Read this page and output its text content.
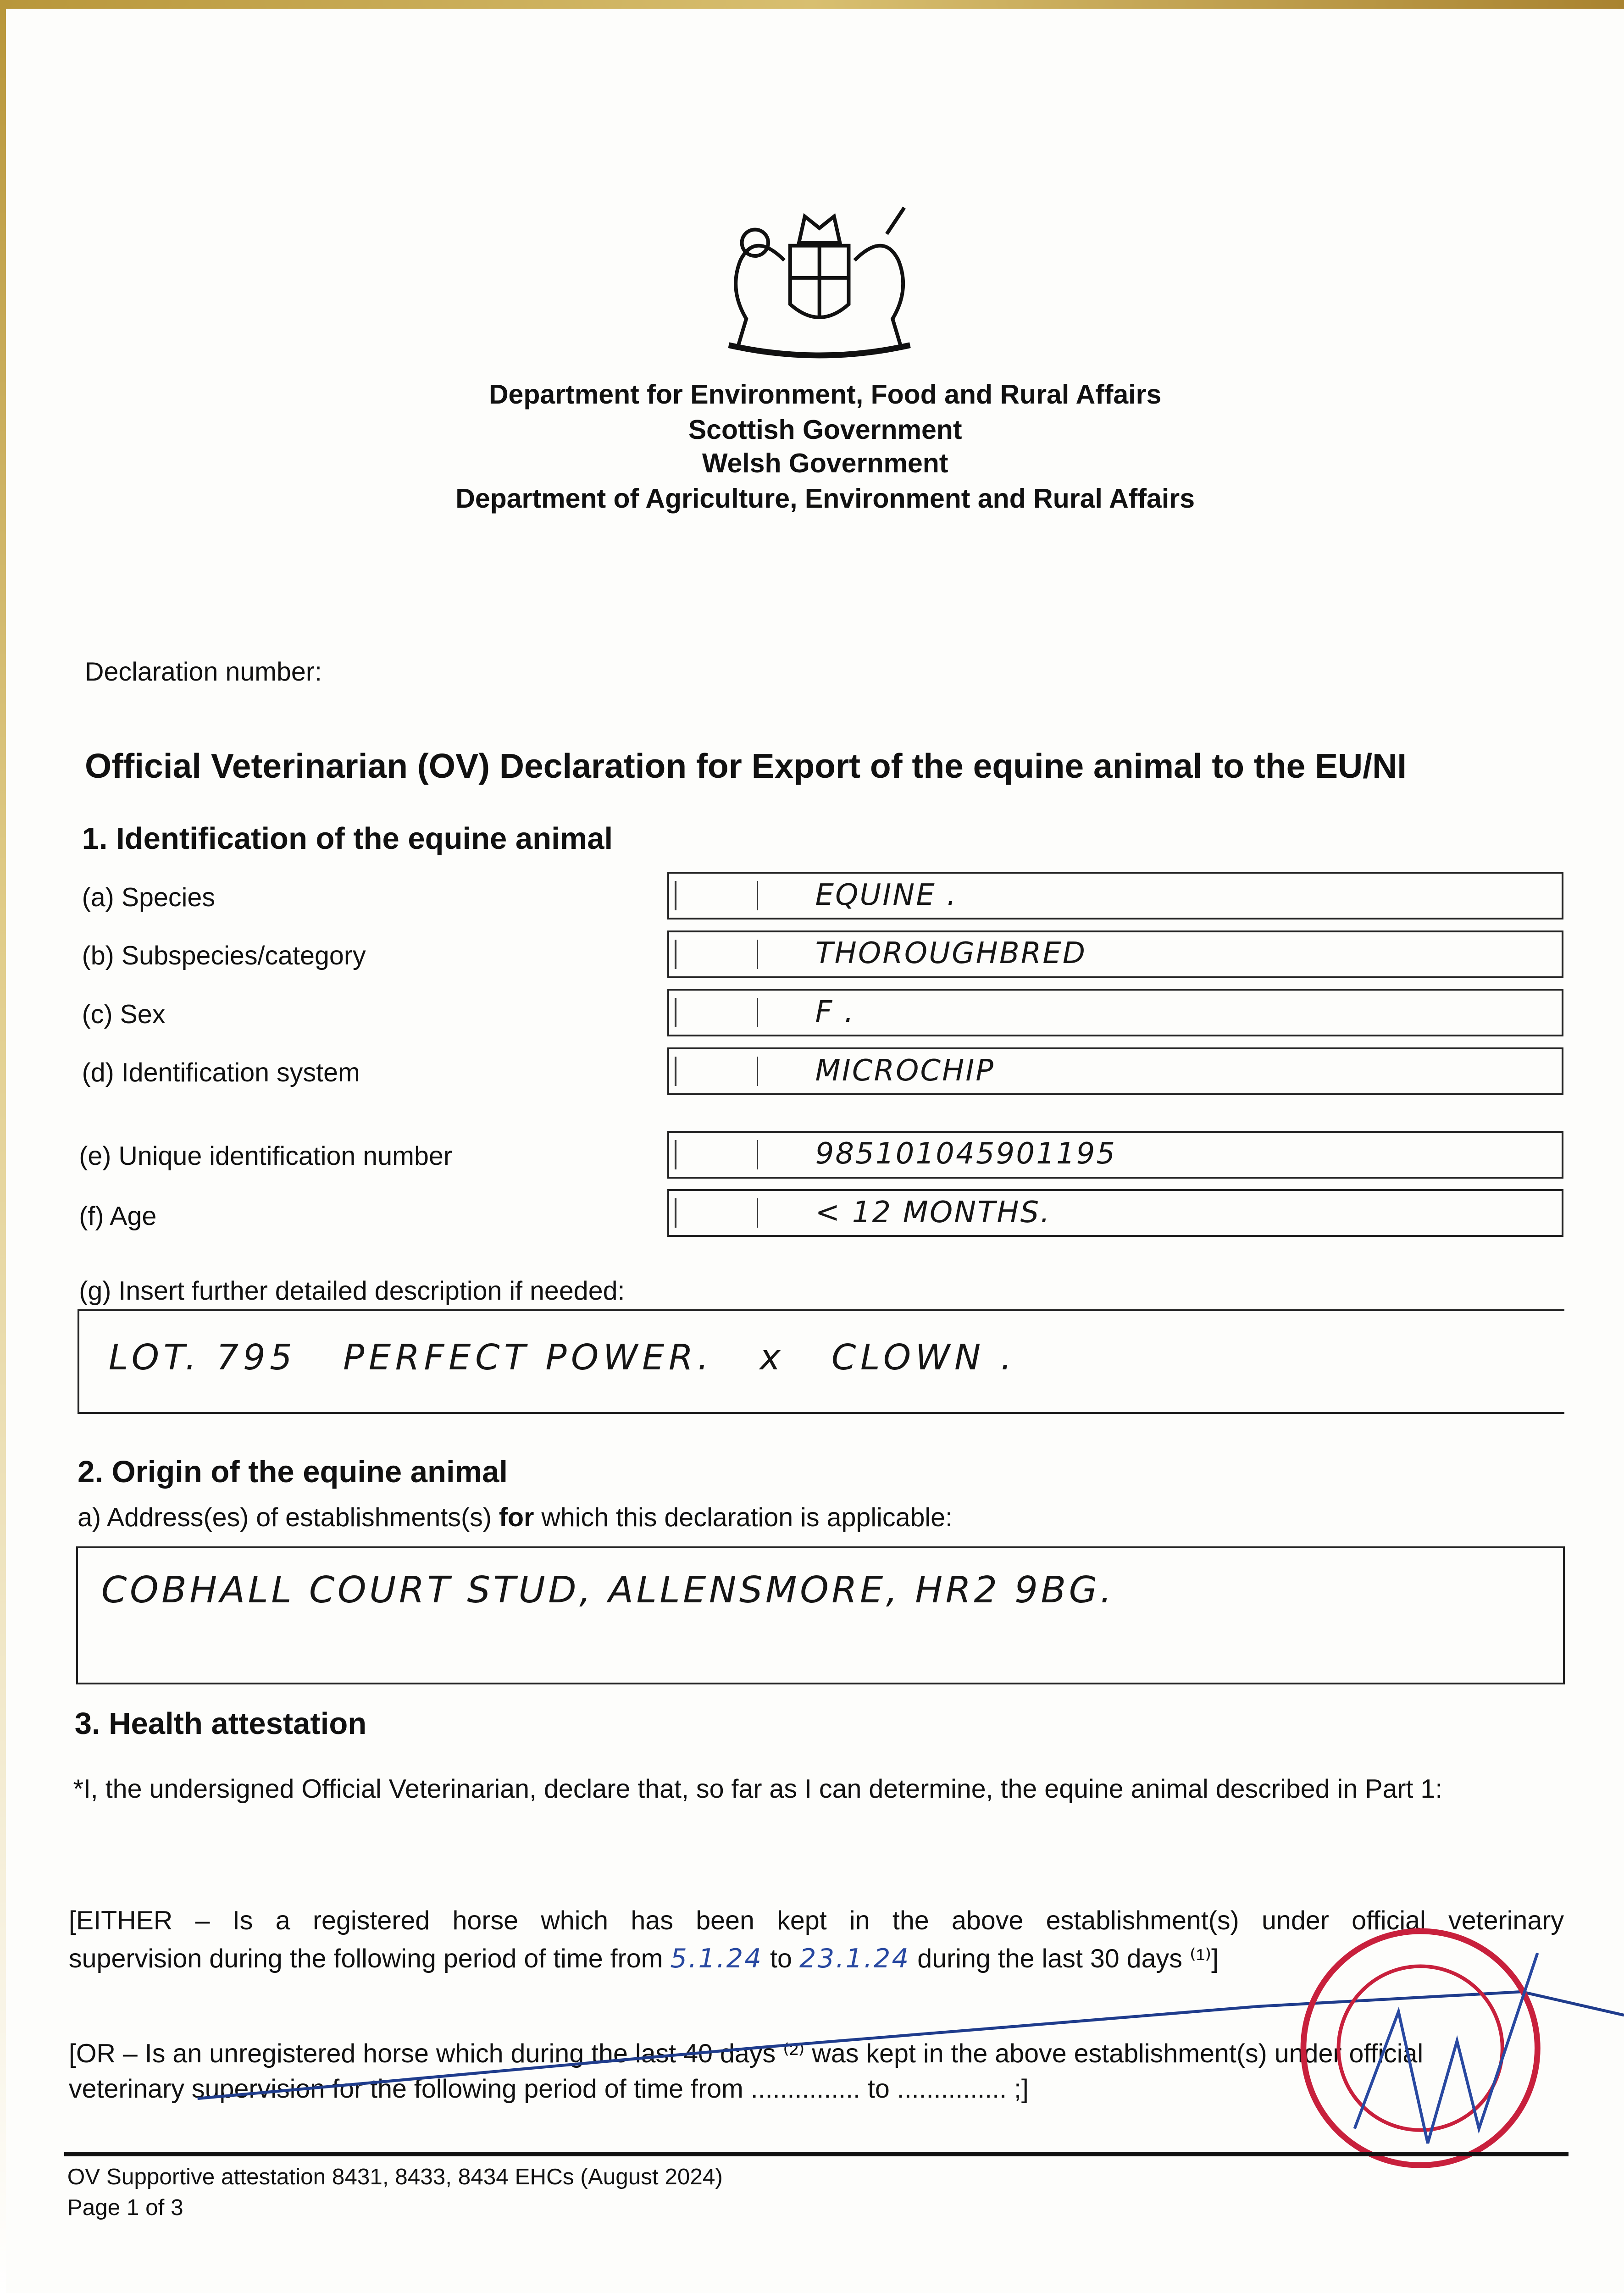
Department for Environment, Food and Rural Affairs
Scottish Government
Welsh Government
Department of Agriculture, Environment and Rural Affairs
Declaration number:
Official Veterinarian (OV) Declaration for Export of the equine animal to the EU/NI
1. Identification of the equine animal
(a) Species	EQUINE .
(b) Subspecies/category	THOROUGHBRED
(c) Sex	F .
(d) Identification system	MICROCHIP
(e) Unique identification number	985101045901195
(f) Age	< 12 MONTHS.
(g) Insert further detailed description if needed:
LOT. 795   PERFECT POWER.   x   CLOWN .
2. Origin of the equine animal
a) Address(es) of establishments(s) for which this declaration is applicable:
COBHALL COURT STUD, ALLENSMORE, HR2 9BG.
3. Health attestation
*I, the undersigned Official Veterinarian, declare that, so far as I can determine, the equine animal described in Part 1:
[EITHER – Is a registered horse which has been kept in the above establishment(s) under official veterinary
supervision during the following period of time from 5.1.24 to 23.1.24 during the last 30 days ⁽¹⁾]
[OR – Is an unregistered horse which during the last 40 days ⁽²⁾ was kept in the above establishment(s) under official
veterinary supervision for the following period of time from ............... to ............... ;]
OV Supportive attestation 8431, 8433, 8434 EHCs (August 2024)
Page 1 of 3
